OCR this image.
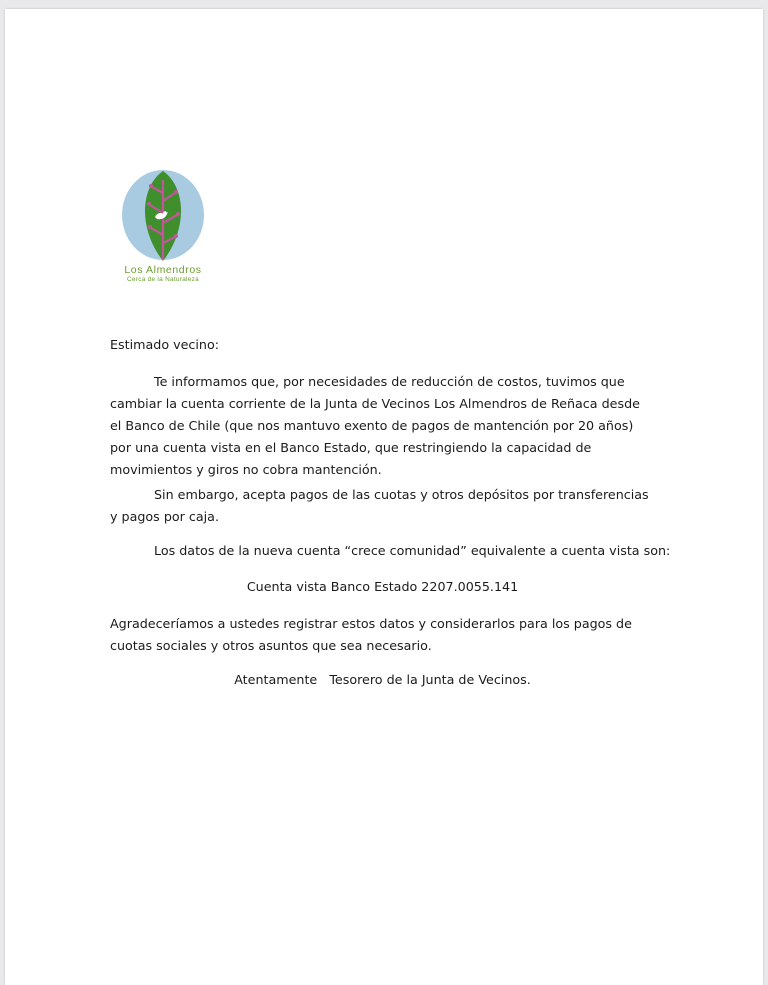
Los Almendros
Cerca de la Naturaleza

Estimado vecino:

Te informamos que, por necesidades de reducción de costos, tuvimos que cambiar la cuenta corriente de la Junta de Vecinos Los Almendros de Reñaca desde el Banco de Chile (que nos mantuvo exento de pagos de mantención por 20 años) por una cuenta vista en el Banco Estado, que restringiendo la capacidad de movimientos y giros no cobra mantención.

Sin embargo, acepta pagos de las cuotas y otros depósitos por transferencias y pagos por caja.

Los datos de la nueva cuenta “crece comunidad” equivalente a cuenta vista son:

Cuenta vista Banco Estado 2207.0055.141

Agradeceríamos a ustedes registrar estos datos y considerarlos para los pagos de cuotas sociales y otros asuntos que sea necesario.

Atentamente Tesorero de la Junta de Vecinos.
